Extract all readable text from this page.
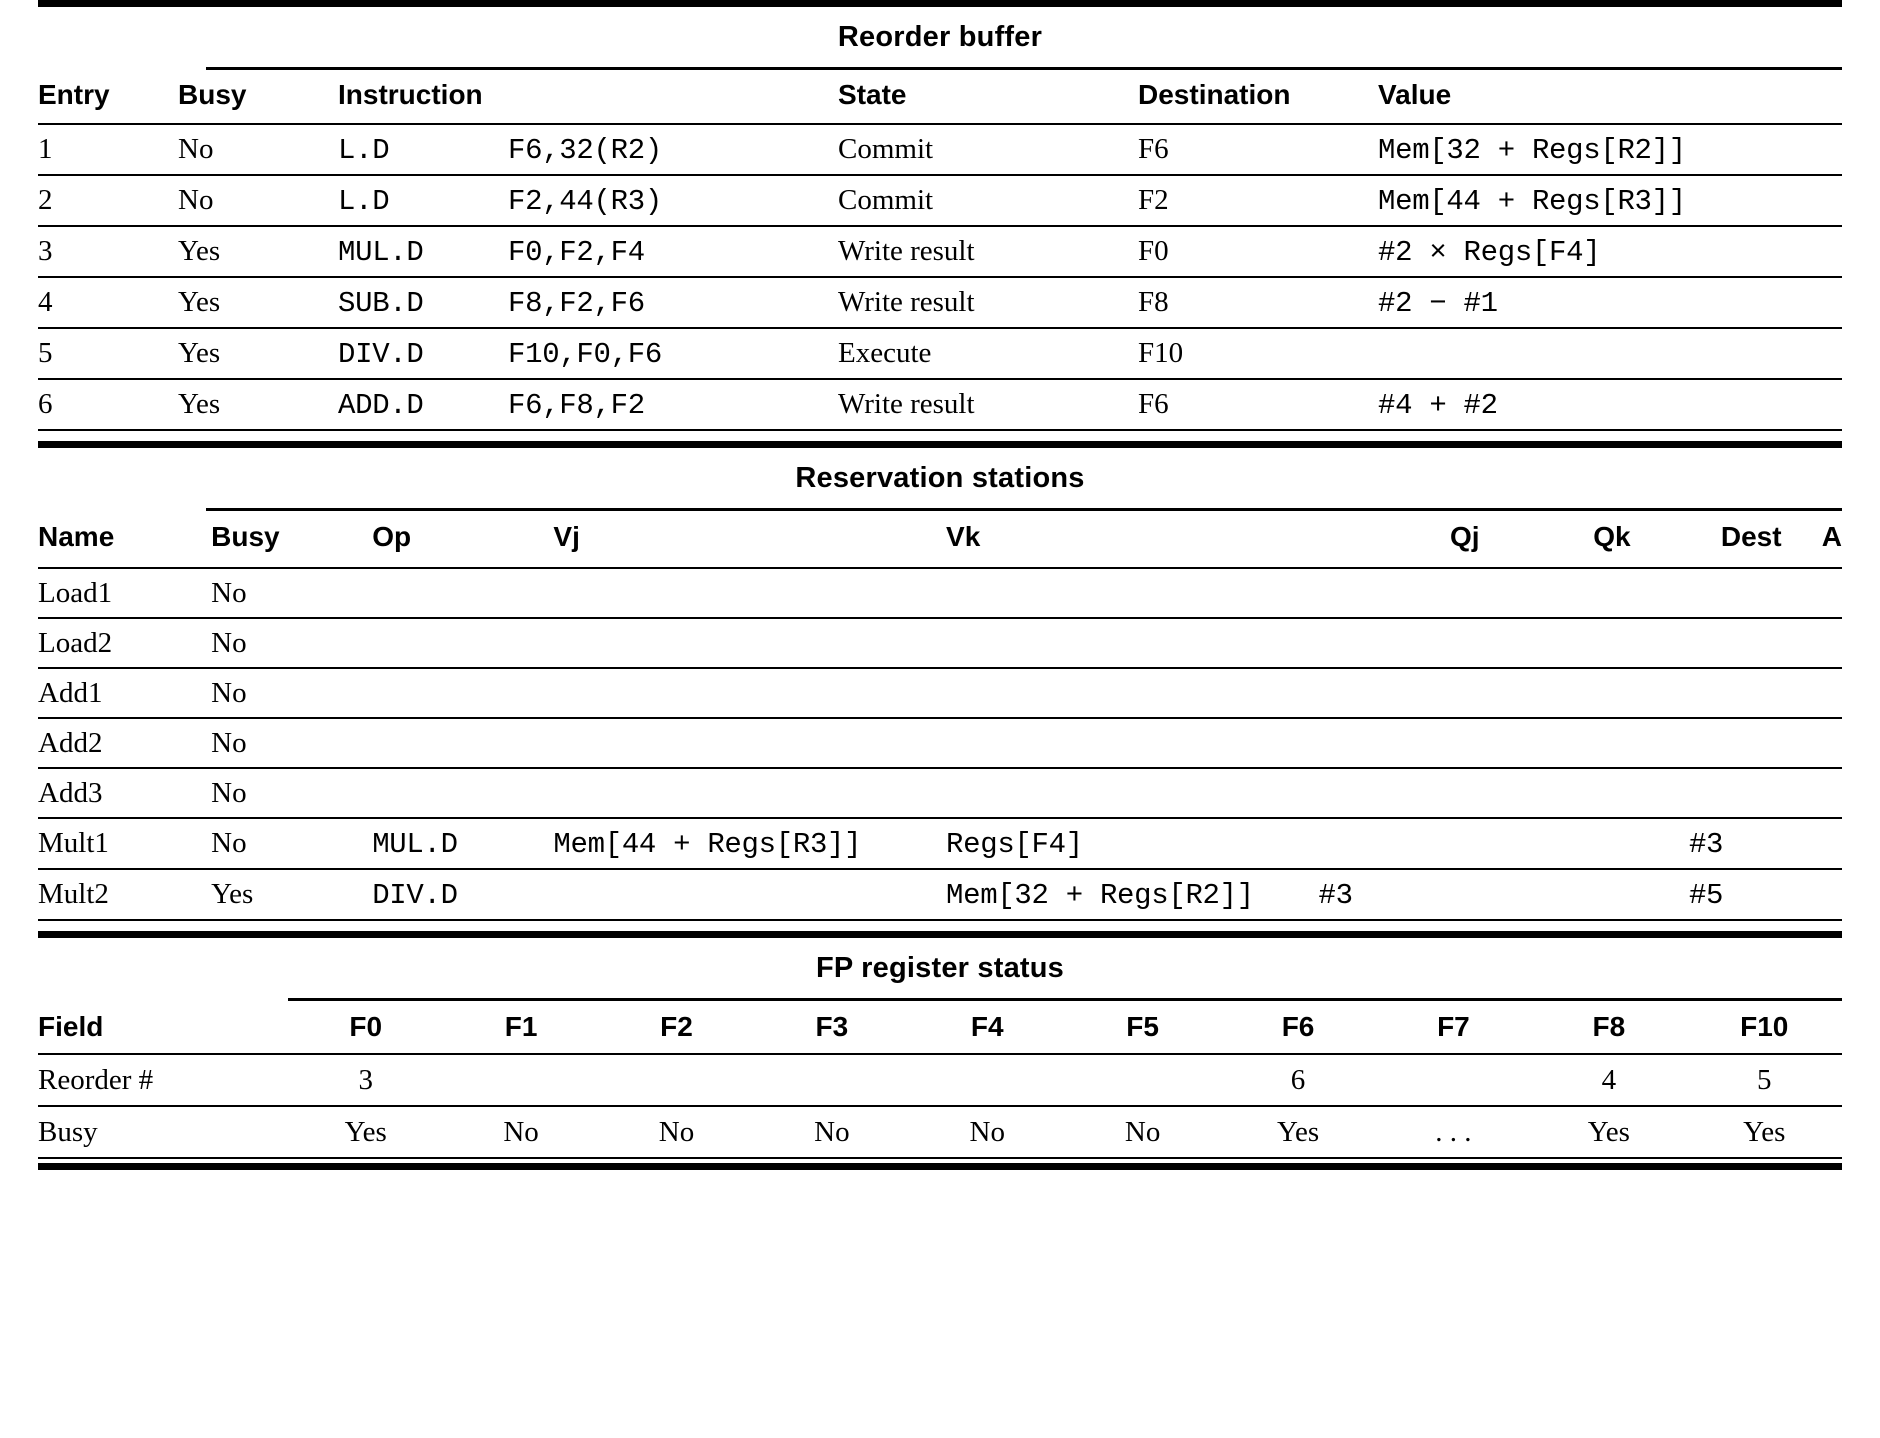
Reorder buffer
Entry	Busy	Instruction		State	Destination	Value
1	No	L.D	F6,32(R2)	Commit	F6	Mem[32 + Regs[R2]]
2	No	L.D	F2,44(R3)	Commit	F2	Mem[44 + Regs[R3]]
3	Yes	MUL.D	F0,F2,F4	Write result	F0	#2 × Regs[F4]
4	Yes	SUB.D	F8,F2,F6	Write result	F8	#2 − #1
5	Yes	DIV.D	F10,F0,F6	Execute	F10	
6	Yes	ADD.D	F6,F8,F2	Write result	F6	#4 + #2
Reservation stations
Name	Busy	Op	Vj	Vk	Qj	Qk	Dest	A
Load1	No							
Load2	No							
Add1	No							
Add2	No							
Add3	No							
Mult1	No	MUL.D	Mem[44 + Regs[R3]]	Regs[F4]			#3	
Mult2	Yes	DIV.D		Mem[32 + Regs[R2]]	#3		#5	
FP register status
Field	F0	F1	F2	F3	F4	F5	F6	F7	F8	F10
Reorder #	3						6		4	5
Busy	Yes	No	No	No	No	No	Yes	. . .	Yes	Yes
